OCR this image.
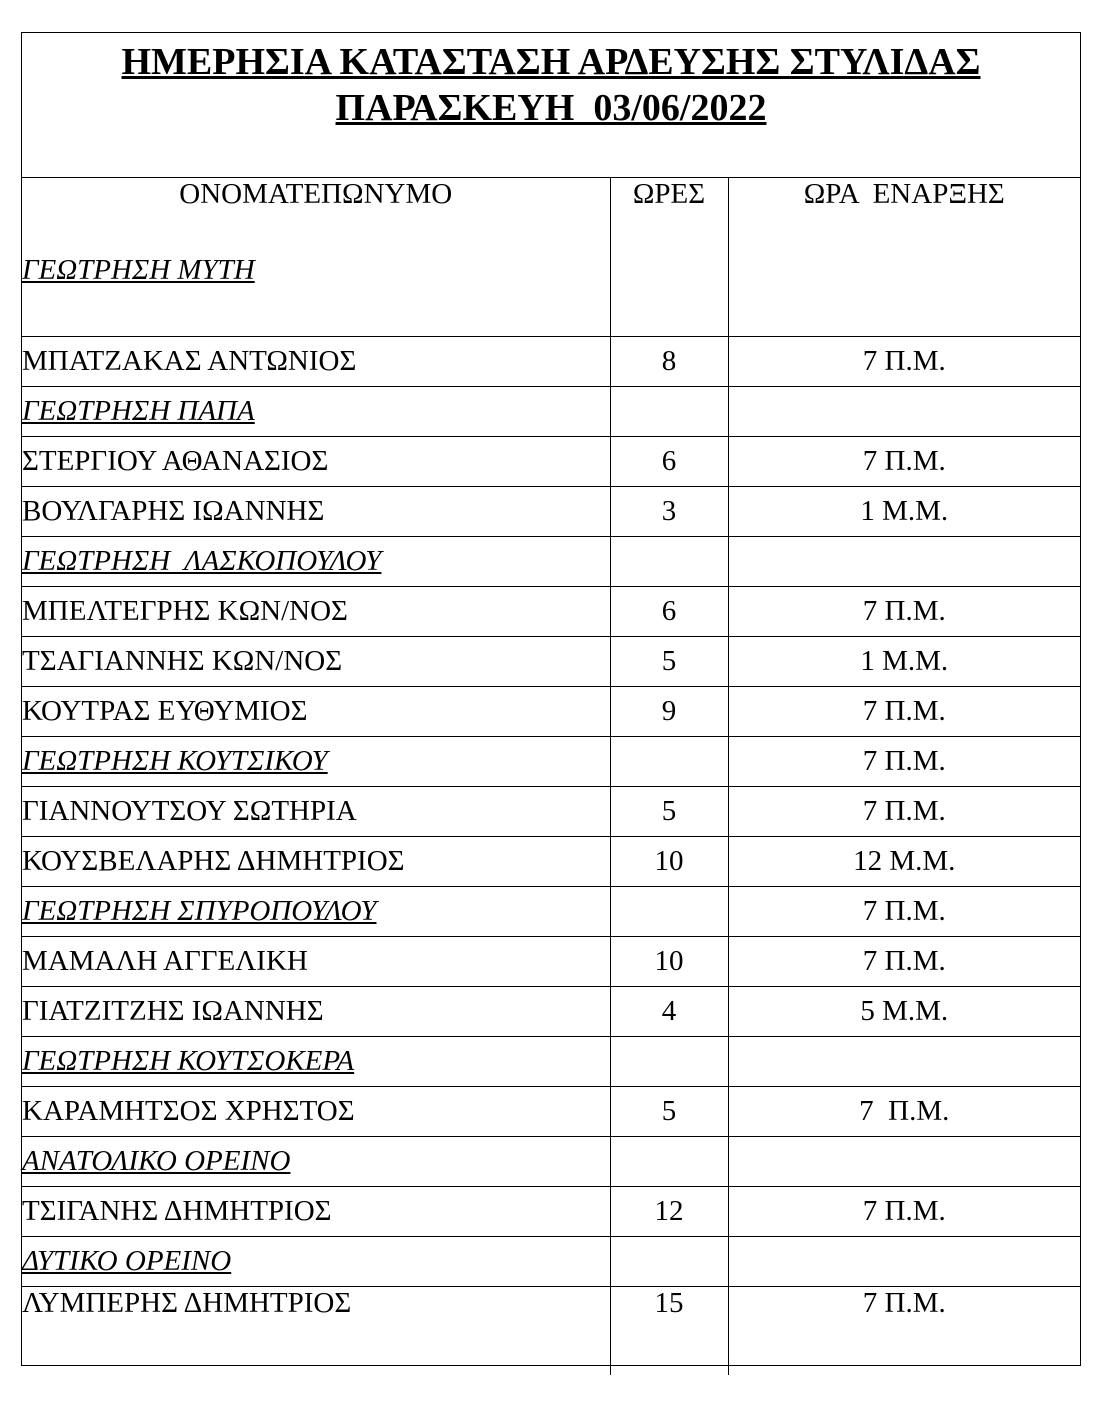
ΗΜΕΡΗΣΙΑ ΚΑΤΑΣΤΑΣΗ ΑΡΔΕΥΣΗΣ ΣΤΥΛΙΔΑΣ
ΠΑΡΑΣΚΕΥΗ  03/06/2022
ΟΝΟΜΑΤΕΠΩΝΥΜΟ	ΩΡΕΣ	ΩΡΑ  ΕΝΑΡΞΗΣ
ΓΕΩΤΡΗΣΗ ΜΥΤΗ		
ΜΠΑΤΖΑΚΑΣ ΑΝΤΩΝΙΟΣ	8	7 Π.Μ.
ΓΕΩΤΡΗΣΗ ΠΑΠΑ		
ΣΤΕΡΓΙΟΥ ΑΘΑΝΑΣΙΟΣ	6	7 Π.Μ.
ΒΟΥΛΓΑΡΗΣ ΙΩΑΝΝΗΣ	3	1 Μ.Μ.
ΓΕΩΤΡΗΣΗ  ΛΑΣΚΟΠΟΥΛΟΥ		
ΜΠΕΛΤΕΓΡΗΣ ΚΩΝ/ΝΟΣ	6	7 Π.Μ.
ΤΣΑΓΙΑΝΝΗΣ ΚΩΝ/ΝΟΣ	5	1 Μ.Μ.
ΚΟΥΤΡΑΣ ΕΥΘΥΜΙΟΣ	9	7 Π.Μ.
ΓΕΩΤΡΗΣΗ ΚΟΥΤΣΙΚΟΥ		7 Π.Μ.
ΓΙΑΝΝΟΥΤΣΟΥ ΣΩΤΗΡΙΑ	5	7 Π.Μ.
ΚΟΥΣΒΕΛΑΡΗΣ ΔΗΜΗΤΡΙΟΣ	10	12 Μ.Μ.
ΓΕΩΤΡΗΣΗ ΣΠΥΡΟΠΟΥΛΟΥ		7 Π.Μ.
ΜΑΜΑΛΗ ΑΓΓΕΛΙΚΗ	10	7 Π.Μ.
ΓΙΑΤΖΙΤΖΗΣ ΙΩΑΝΝΗΣ	4	5 Μ.Μ.
ΓΕΩΤΡΗΣΗ ΚΟΥΤΣΟΚΕΡΑ		
ΚΑΡΑΜΗΤΣΟΣ ΧΡΗΣΤΟΣ	5	7  Π.Μ.
ΑΝΑΤΟΛΙΚΟ ΟΡΕΙΝΟ		
ΤΣΙΓΑΝΗΣ ΔΗΜΗΤΡΙΟΣ	12	7 Π.Μ.
ΔΥΤΙΚΟ ΟΡΕΙΝΟ		
ΛΥΜΠΕΡΗΣ ΔΗΜΗΤΡΙΟΣ	15	7 Π.Μ.
